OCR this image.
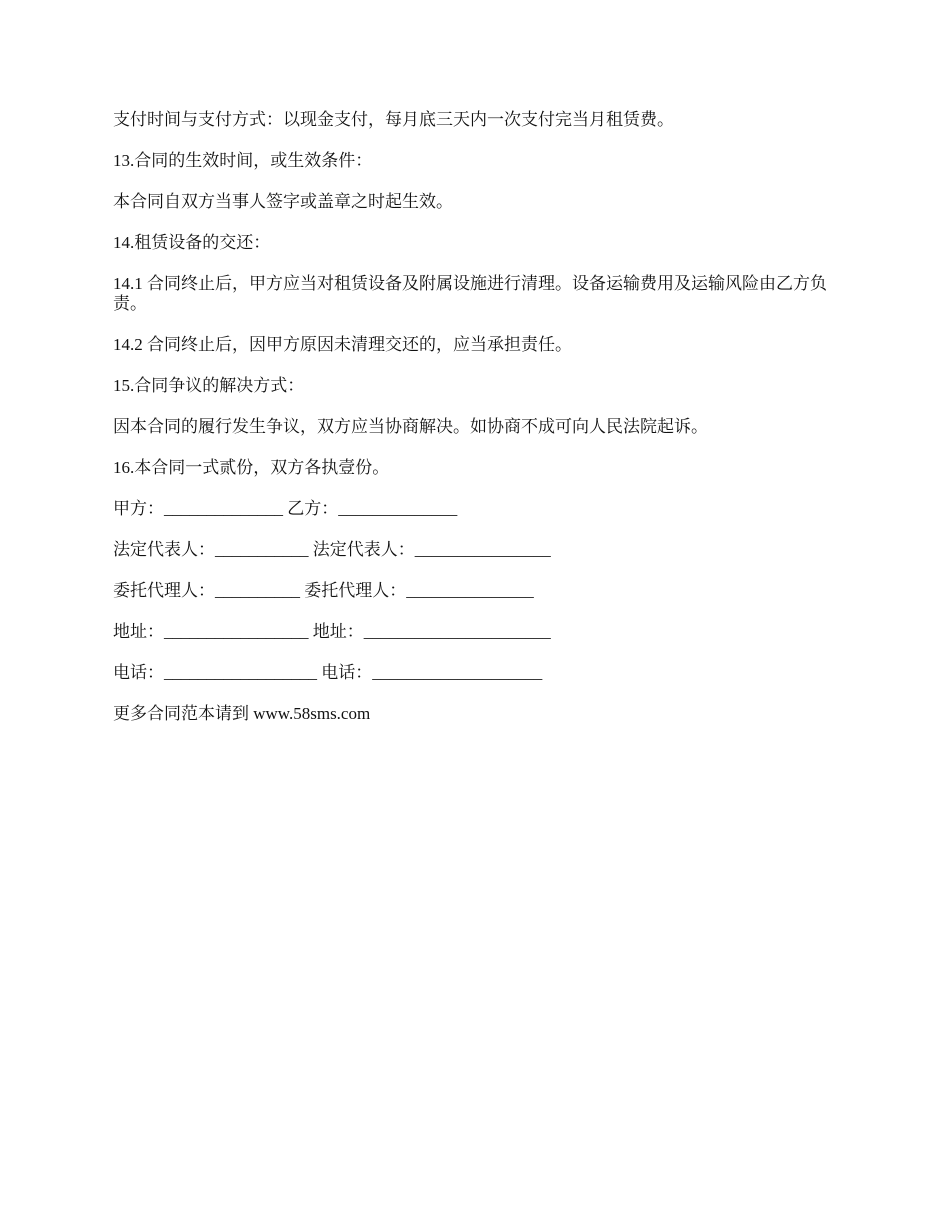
支付时间与支付方式：以现金支付，每月底三天内一次支付完当月租赁费。

13.合同的生效时间，或生效条件：

本合同自双方当事人签字或盖章之时起生效。

14.租赁设备的交还：

14.1 合同终止后，甲方应当对租赁设备及附属设施进行清理。设备运输费用及运输风险由乙方负责。

14.2 合同终止后，因甲方原因未清理交还的，应当承担责任。

15.合同争议的解决方式：

因本合同的履行发生争议，双方应当协商解决。如协商不成可向人民法院起诉。

16.本合同一式贰份，双方各执壹份。

甲方：______________ 乙方：______________

法定代表人：___________ 法定代表人：________________

委托代理人：__________ 委托代理人：_______________

地址：_________________ 地址：______________________

电话：__________________ 电话：____________________

更多合同范本请到 www.58sms.com
